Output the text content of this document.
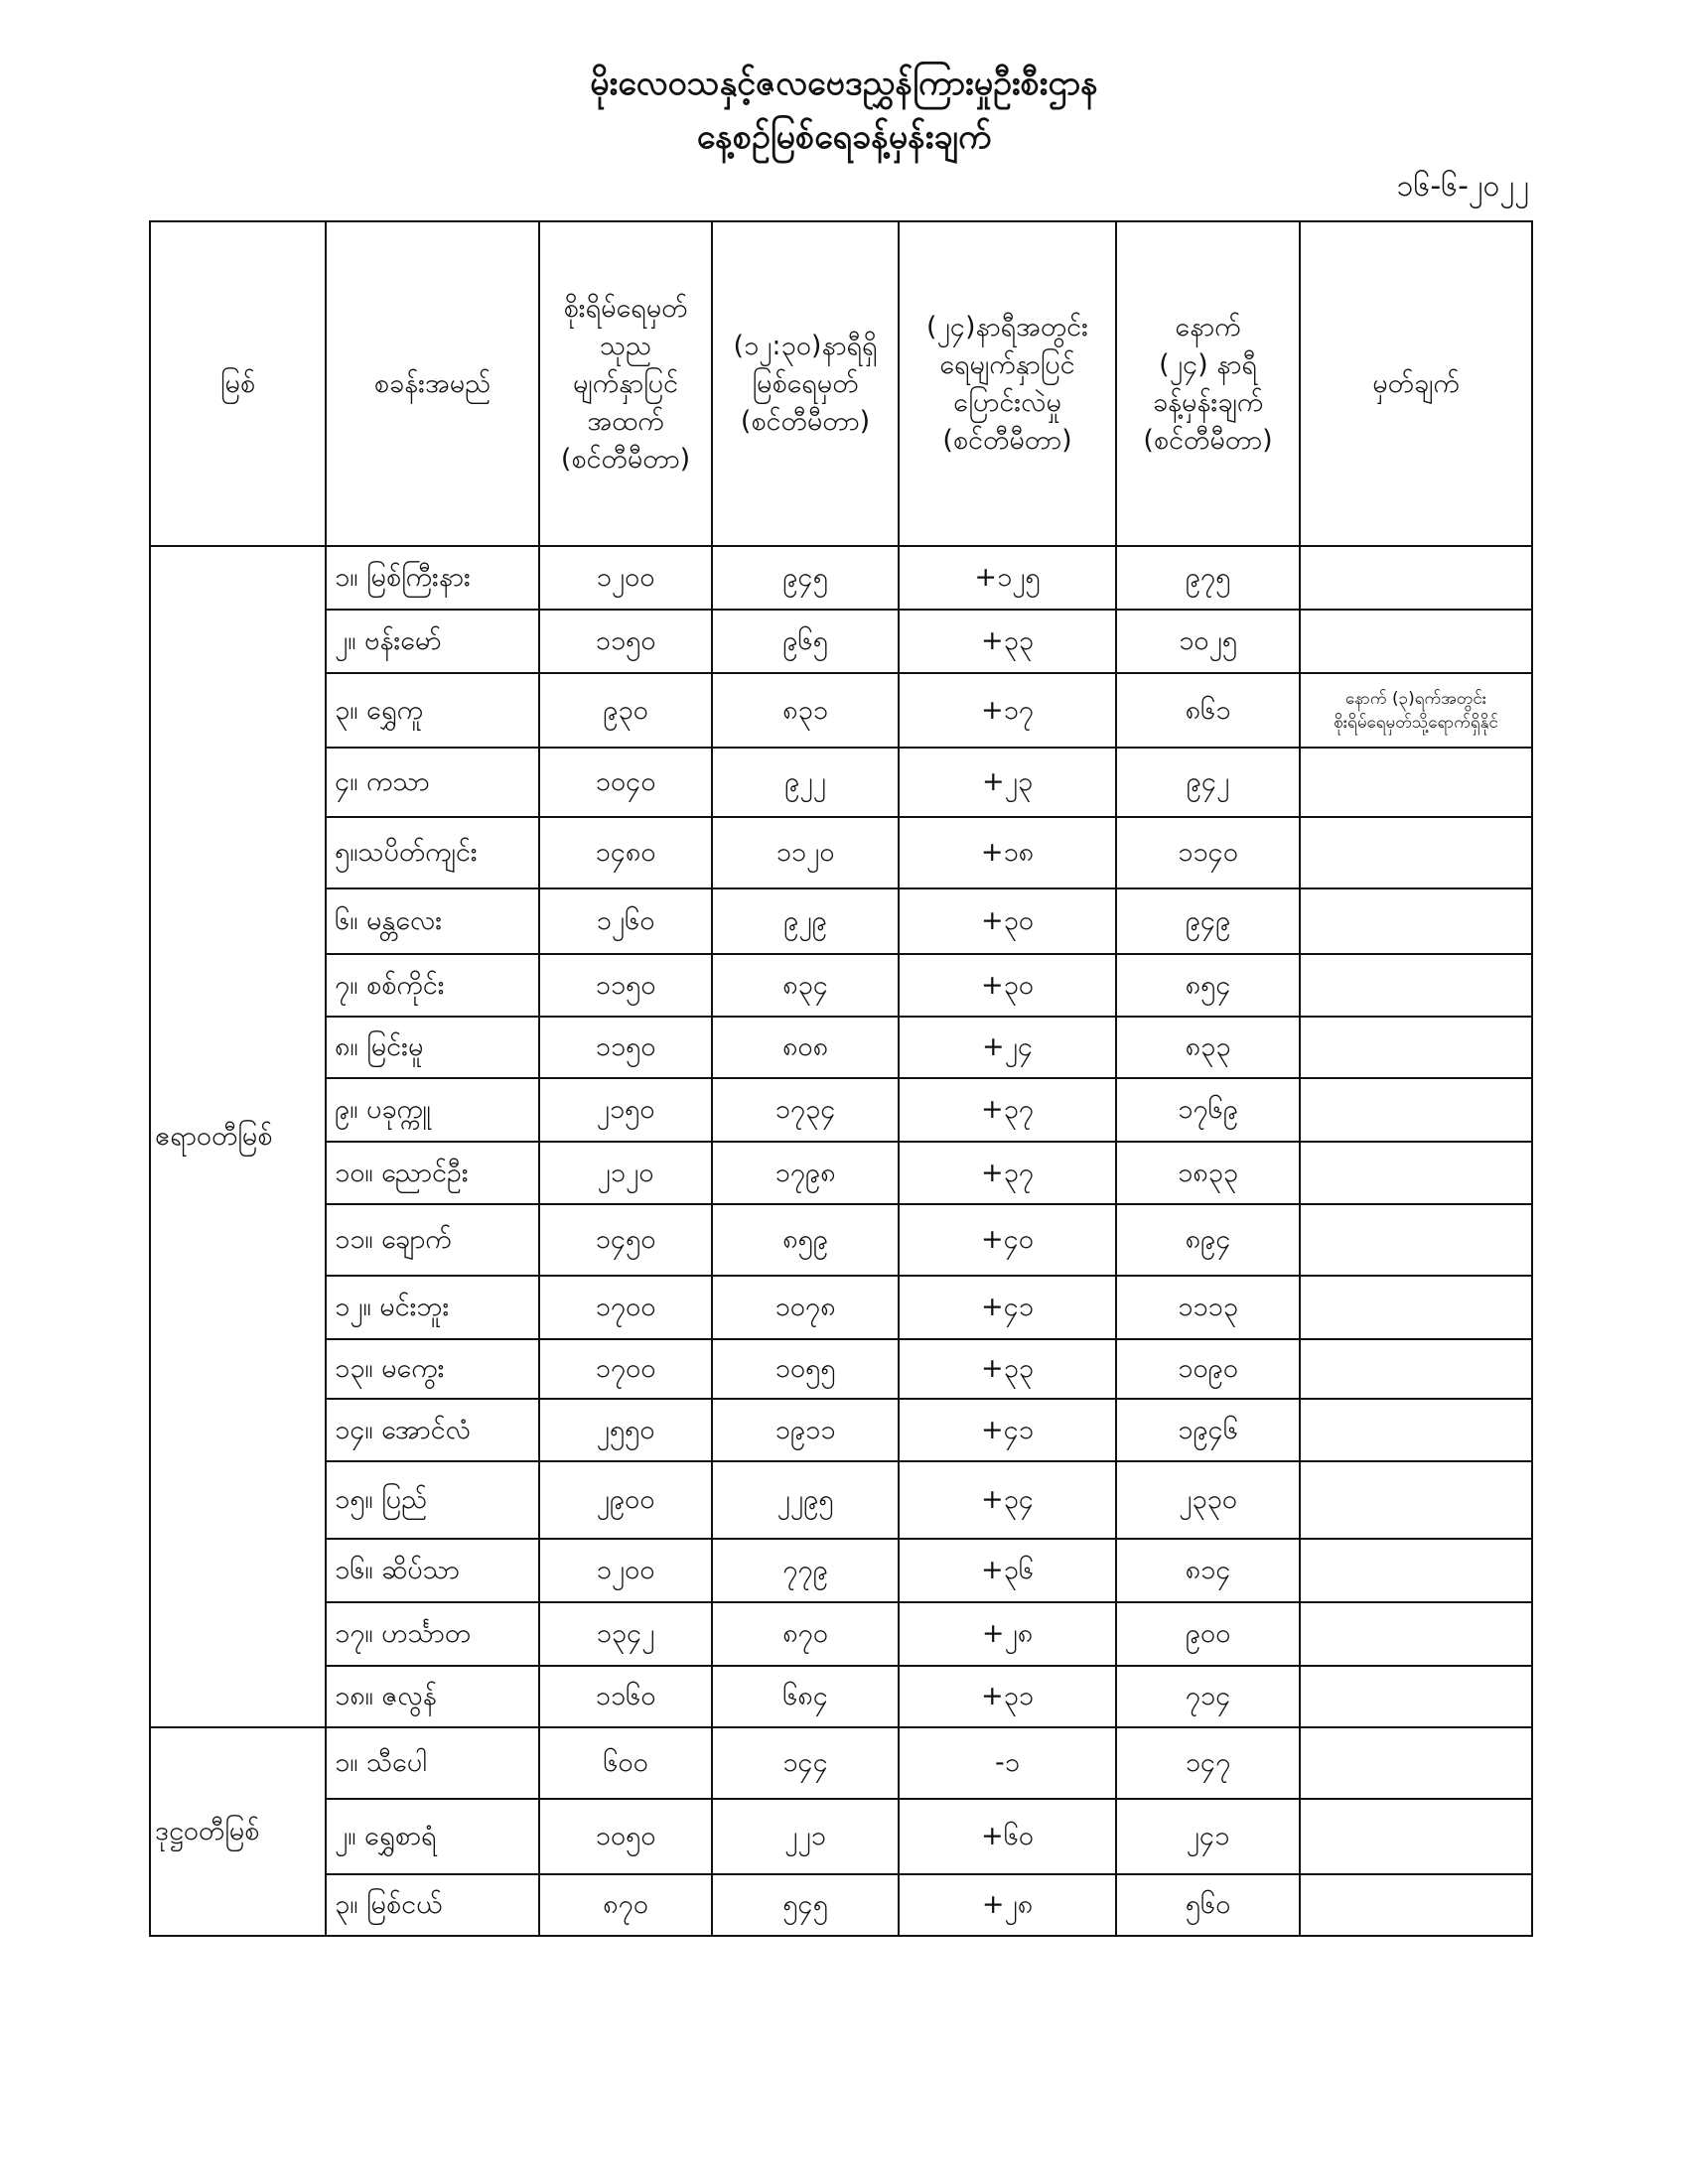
မိုးလေဝသနှင့်ဇလဗေဒညွှန်ကြားမှုဦးစီးဌာန
နေ့စဉ်မြစ်ရေခန့်မှန်းချက်
၁၆-၆-၂၀၂၂
မြစ်	စခန်းအမည်	စိုးရိမ်ရေမှတ်
သုည
မျက်နှာပြင်
အထက်
(စင်တီမီတာ)	(၁၂:၃၀)နာရီရှိ
မြစ်ရေမှတ်
(စင်တီမီတာ)	(၂၄)နာရီအတွင်း
ရေမျက်နှာပြင်
ပြောင်းလဲမှု
(စင်တီမီတာ)	နောက်
(၂၄) နာရီ
ခန့်မှန်းချက်
(စင်တီမီတာ)	မှတ်ချက်

ဧရာဝတီမြစ်	၁။ မြစ်ကြီးနား	၁၂၀၀	၉၄၅	+၁၂၅	၉၇၅	
	၂။ ဗန်းမော်	၁၁၅၀	၉၆၅	+၃၃	၁၀၂၅	
	၃။ ရွှေကူ	၉၃၀	၈၃၁	+၁၇	၈၆၁	နောက် (၃)ရက်အတွင်း
စိုးရိမ်ရေမှတ်သို့ရောက်ရှိနိုင်

	၄။ ကသာ	၁၀၄၀	၉၂၂	+၂၃	၉၄၂	
	၅။သပိတ်ကျင်း	၁၄၈၀	၁၁၂၀	+၁၈	၁၁၄၀	
	၆။ မန္တလေး	၁၂၆၀	၉၂၉	+၃၀	၉၄၉	
	၇။ စစ်ကိုင်း	၁၁၅၀	၈၃၄	+၃၀	၈၅၄	
	၈။ မြင်းမူ	၁၁၅၀	၈၀၈	+၂၄	၈၃၃	
	၉။ ပခုက္ကူ	၂၁၅၀	၁၇၃၄	+၃၇	၁၇၆၉	
	၁၀။ ညောင်ဦး	၂၁၂၀	၁၇၉၈	+၃၇	၁၈၃၃	
	၁၁။ ချောက်	၁၄၅၀	၈၅၉	+၄၀	၈၉၄	
	၁၂။ မင်းဘူး	၁၇၀၀	၁၀၇၈	+၄၁	၁၁၁၃	
	၁၃။ မကွေး	၁၇၀၀	၁၀၅၅	+၃၃	၁၀၉၀	
	၁၄။ အောင်လံ	၂၅၅၀	၁၉၁၁	+၄၁	၁၉၄၆	
	၁၅။ ပြည်	၂၉၀၀	၂၂၉၅	+၃၄	၂၃၃၀	
	၁၆။ ဆိပ်သာ	၁၂၀၀	၇၇၉	+၃၆	၈၁၄	
	၁၇။ ဟင်္သာတ	၁၃၄၂	၈၇၀	+၂၈	၉၀၀	
	၁၈။ ဇလွန်	၁၁၆၀	၆၈၄	+၃၁	၇၁၄	
ဒုဋ္ဌဝတီမြစ်	၁။ သီပေါ	၆၀၀	၁၄၄	-၁	၁၄၇	
	၂။ ရွှေစာရံ	၁၀၅၀	၂၂၁	+၆၀	၂၄၁	
	၃။ မြစ်ငယ်	၈၇၀	၅၄၅	+၂၈	၅၆၀	
